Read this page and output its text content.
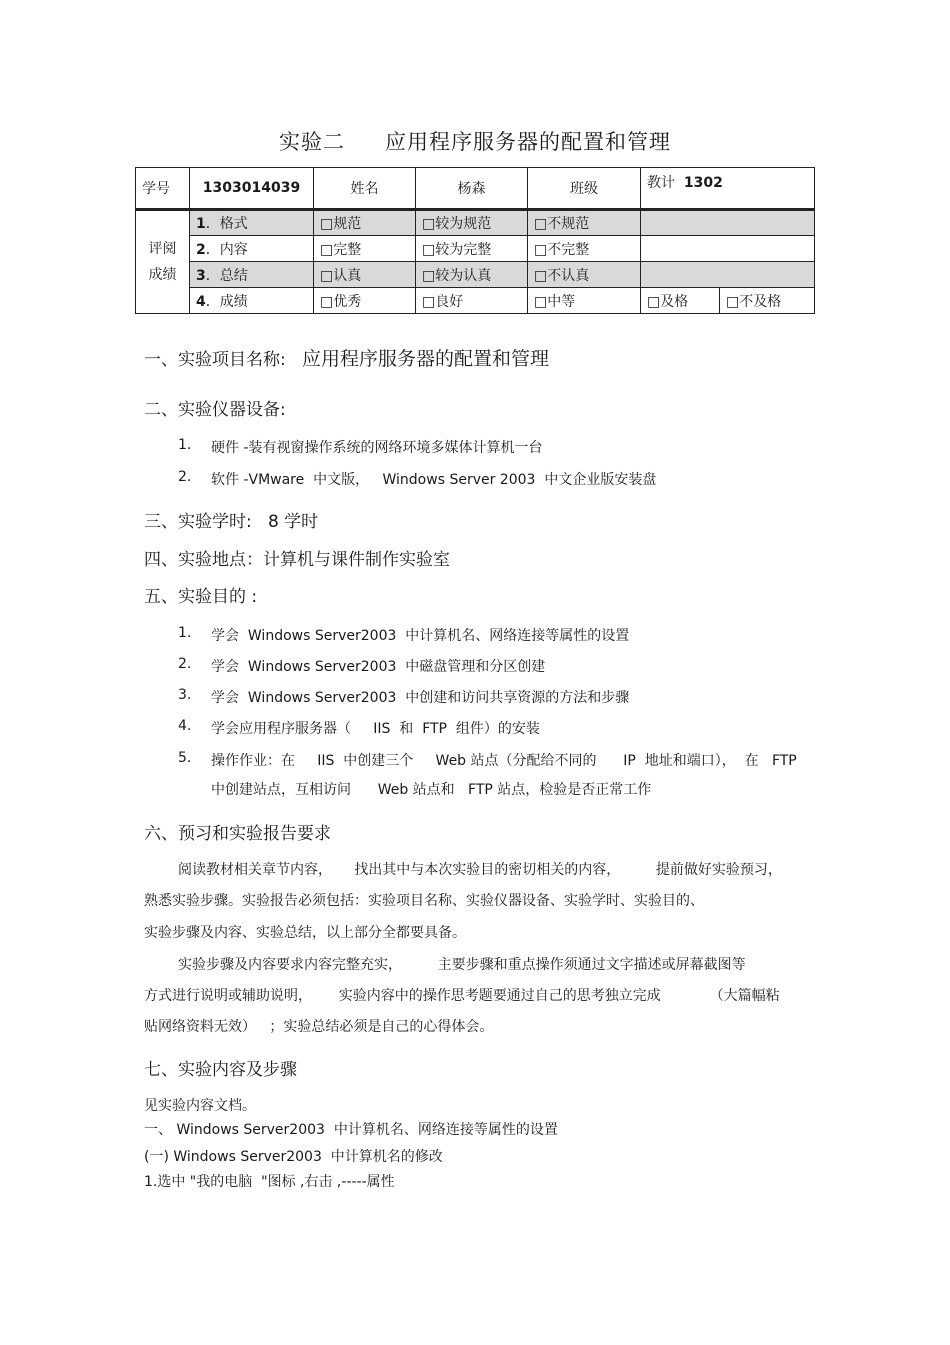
实验二 应用程序服务器的配置和管理
学号	1303014039	姓名	杨森	班级	教计 1302	
评阅
成绩	1．格式	□规范	□较为规范	□不规范		
	2．内容	□完整	□较为完整	□不完整		
	3．总结	□认真	□较为认真	□不认真		
	4．成绩	□优秀	□良好	□中等	□及格	□不及格
一、实验项目名称: 应用程序服务器的配置和管理
二、实验仪器设备:
1. 硬件 -装有视窗操作系统的网络环境多媒体计算机一台
2. 软件 -VMware  中文版，   Windows Server 2003  中文企业版安装盘
三、实验学时: 8 学时
四、实验地点：计算机与课件制作实验室
五、实验目的 :
1. 学会  Windows Server2003  中计算机名、网络连接等属性的设置
2. 学会  Windows Server2003  中磁盘管理和分区创建
3. 学会  Windows Server2003  中创建和访问共享资源的方法和步骤
4. 学会应用程序服务器（     IIS  和  FTP  组件）的安装
5. 操作作业：在     IIS  中创建三个     Web 站点（分配给不同的      IP  地址和端口），  在   FTP
中创建站点，互相访问      Web 站点和   FTP 站点，检验是否正常工作
六、预习和实验报告要求
阅读教材相关章节内容，     找出其中与本次实验目的密切相关的内容，        提前做好实验预习，
熟悉实验步骤。实验报告必须包括：实验项目名称、实验仪器设备、实验学时、实验目的、
实验步骤及内容、实验总结，以上部分全都要具备。
实验步骤及内容要求内容完整充实，        主要步骤和重点操作须通过文字描述或屏幕截图等
方式进行说明或辅助说明，      实验内容中的操作思考题要通过自己的思考独立完成           （大篇幅粘
贴网络资料无效）   ；实验总结必须是自己的心得体会。
七、实验内容及步骤
见实验内容文档。
一、 Windows Server2003  中计算机名、网络连接等属性的设置
(一) Windows Server2003  中计算机名的修改
1.选中 "我的电脑  "图标 ,右击 ,-----属性
